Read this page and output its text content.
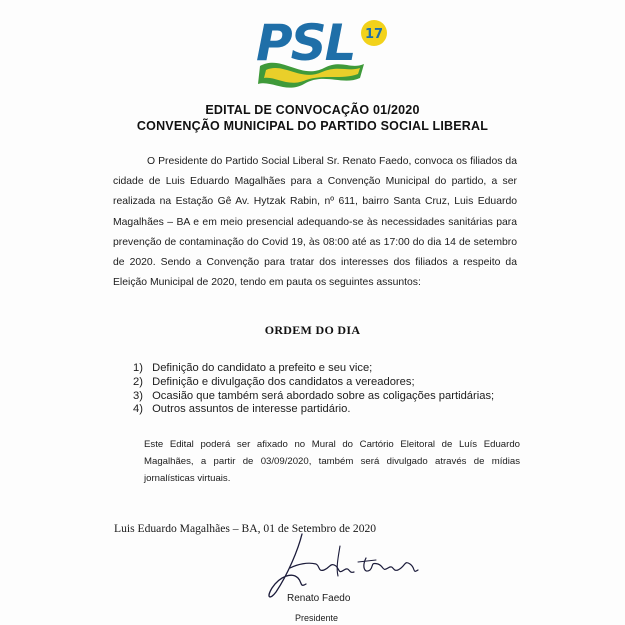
PSL 17
EDITAL DE CONVOCAÇÃO 01/2020
CONVENÇÃO MUNICIPAL DO PARTIDO SOCIAL LIBERAL
O Presidente do Partido Social Liberal Sr. Renato Faedo, convoca os filiados da cidade de Luis Eduardo Magalhães para a Convenção Municipal do partido, a ser realizada na Estação Gê Av. Hytzak Rabin, nº 611, bairro Santa Cruz, Luis Eduardo Magalhães – BA e em meio presencial adequando-se às necessidades sanitárias para prevenção de contaminação do Covid 19, às 08:00 até as 17:00 do dia 14 de setembro de 2020. Sendo a Convenção para tratar dos interesses dos filiados a respeito da Eleição Municipal de 2020, tendo em pauta os seguintes assuntos:
ORDEM DO DIA
1) Definição do candidato a prefeito e seu vice;
2) Definição e divulgação dos candidatos a vereadores;
3) Ocasião que também será abordado sobre as coligações partidárias;
4) Outros assuntos de interesse partidário.
Este Edital poderá ser afixado no Mural do Cartório Eleitoral de Luís Eduardo Magalhães, a partir de 03/09/2020, também será divulgado através de mídias jornalísticas virtuais.
Luis Eduardo Magalhães – BA, 01 de Setembro de 2020
Renato Faedo
Presidente
